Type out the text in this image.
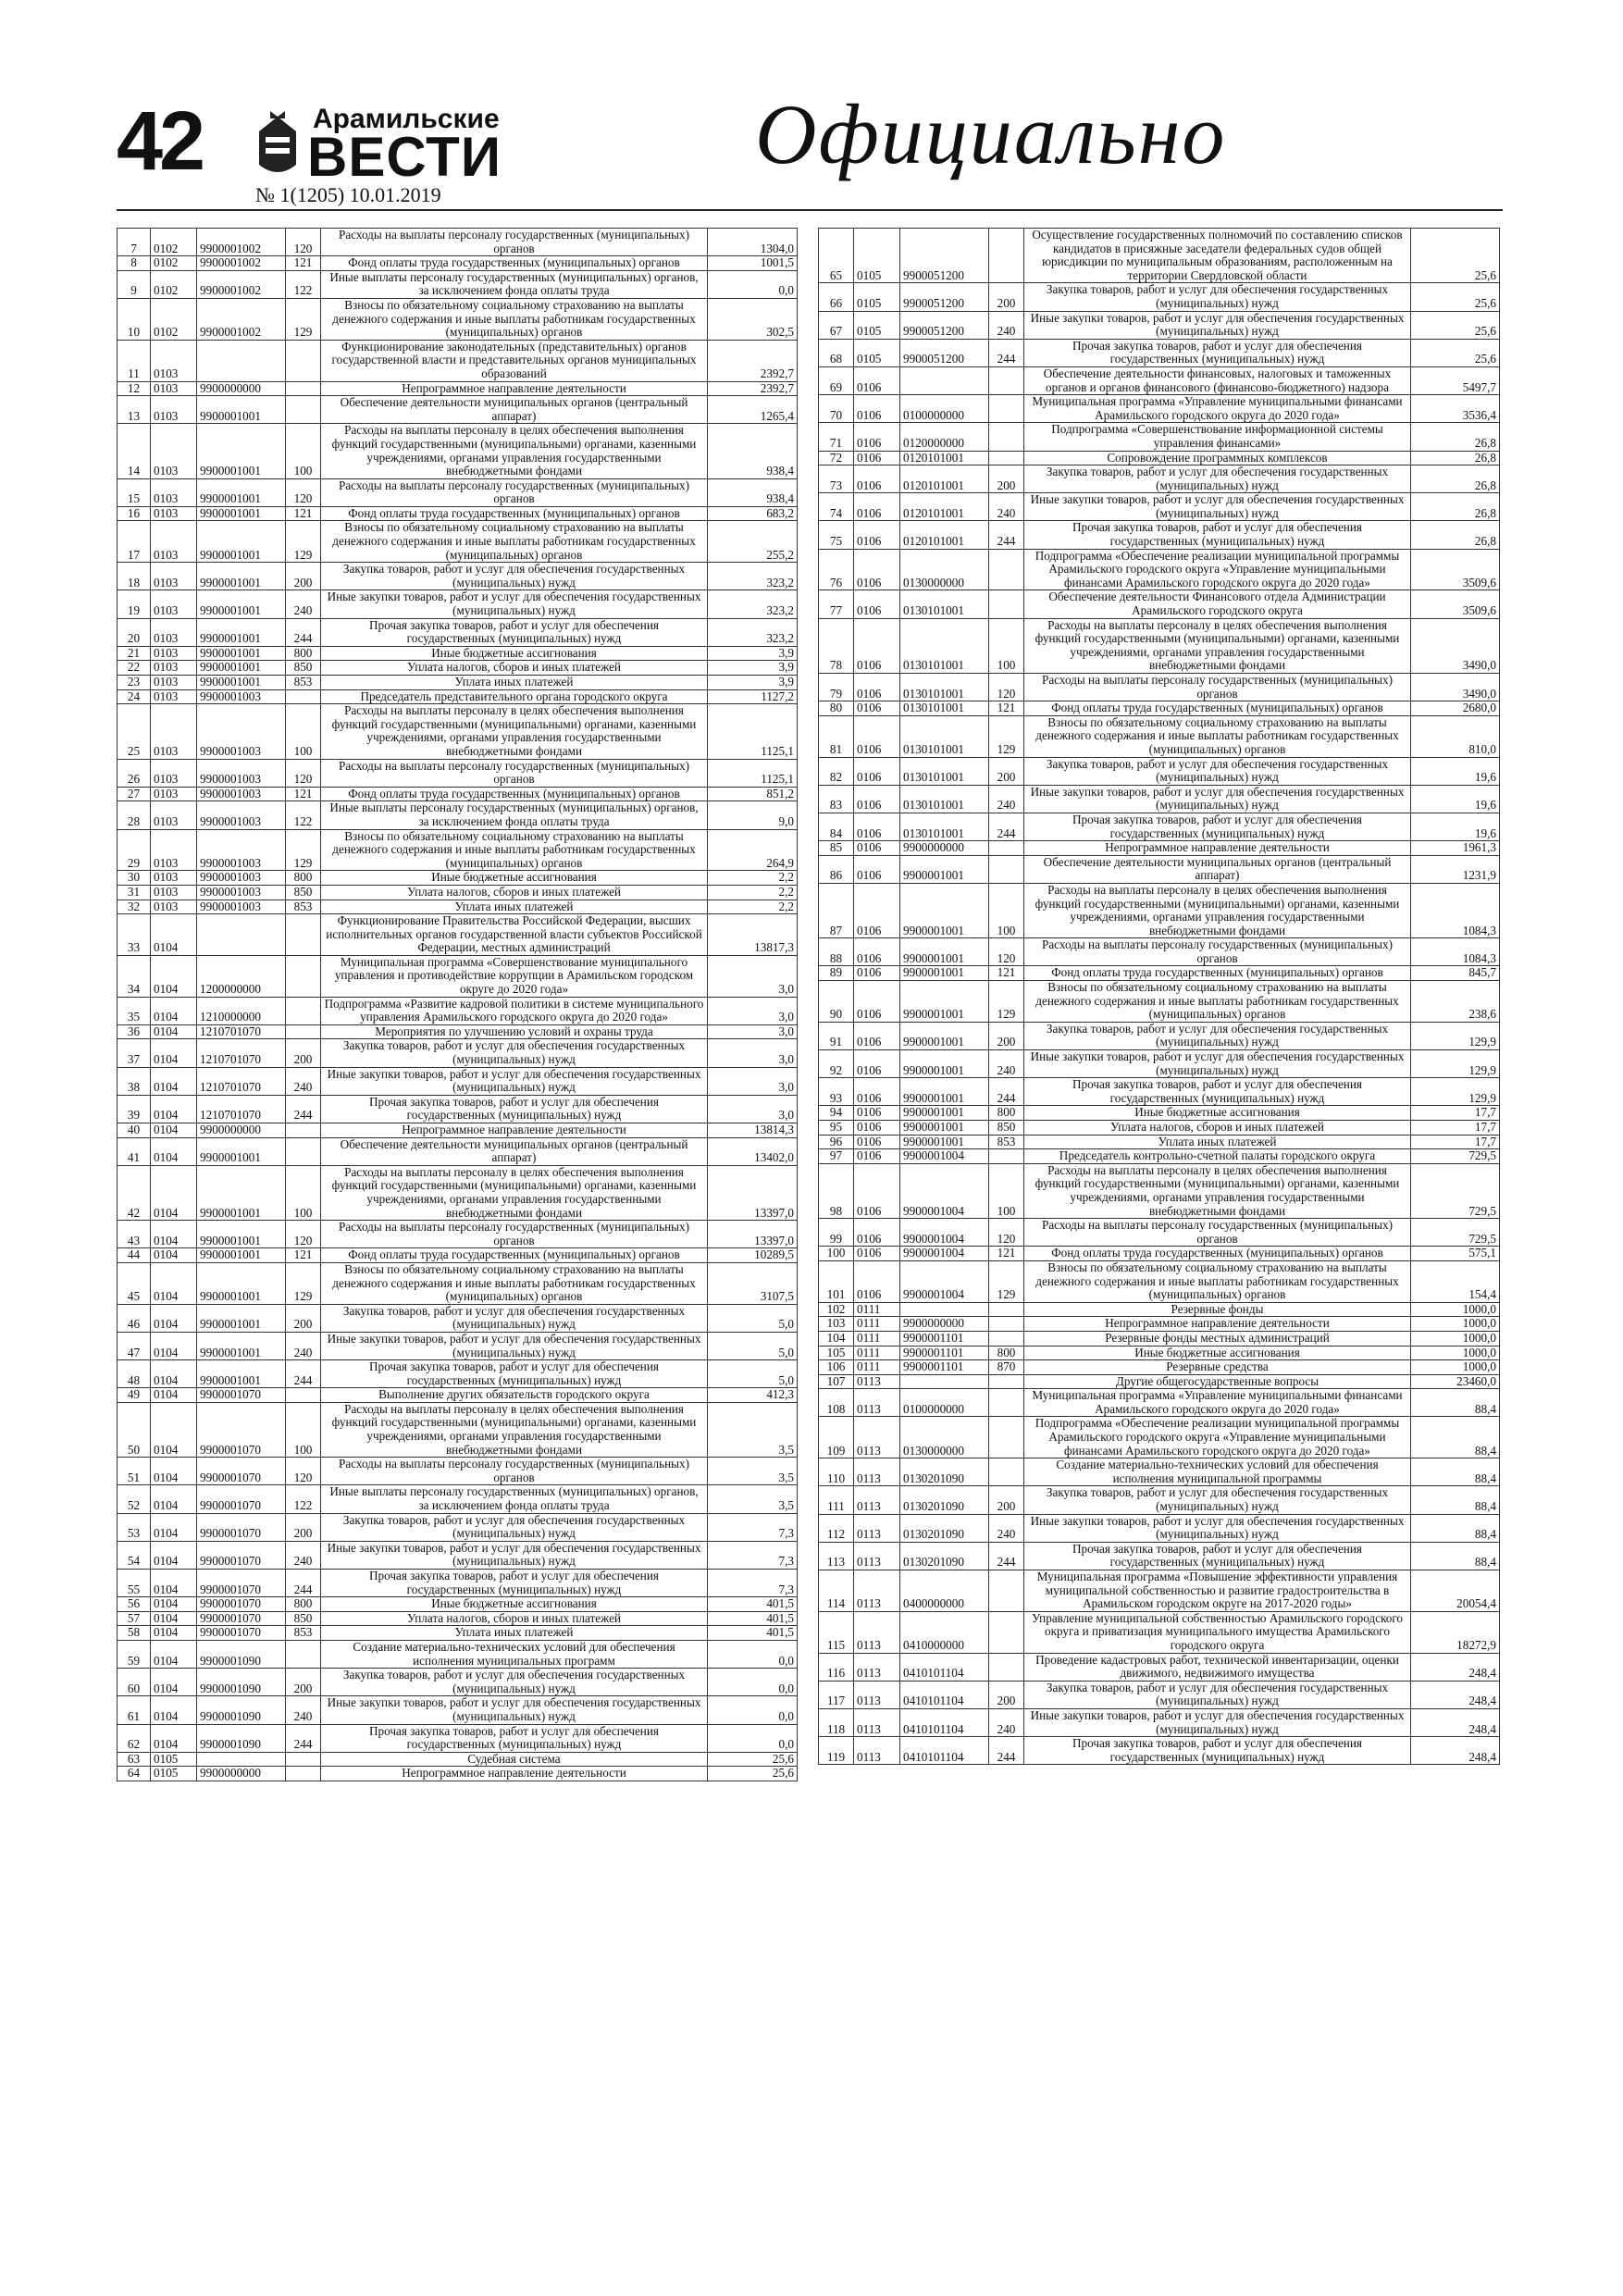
42	Арамильские
ВЕСТИ
№ 1(1205) 10.01.2019
Официально
7	0102	9900001002	120	Расходы на выплаты персоналу государственных (муниципальных) органов	1304,0
8	0102	9900001002	121	Фонд оплаты труда государственных (муниципальных) органов	1001,5
9	0102	9900001002	122	Иные выплаты персоналу государственных (муниципальных) органов, за исключением фонда оплаты труда	0,0
10	0102	9900001002	129	Взносы по обязательному социальному страхованию на выплаты денежного содержания и иные выплаты работникам государственных (муниципальных) органов	302,5
11	0103			Функционирование законодательных (представительных) органов государственной власти и представительных органов муниципальных образований	2392,7
12	0103	9900000000		Непрограммное направление деятельности	2392,7
13	0103	9900001001		Обеспечение деятельности муниципальных органов (центральный аппарат)	1265,4
14	0103	9900001001	100	Расходы на выплаты персоналу в целях обеспечения выполнения функций государственными (муниципальными) органами, казенными учреждениями, органами управления государственными внебюджетными фондами	938,4
15	0103	9900001001	120	Расходы на выплаты персоналу государственных (муниципальных) органов	938,4
16	0103	9900001001	121	Фонд оплаты труда государственных (муниципальных) органов	683,2
17	0103	9900001001	129	Взносы по обязательному социальному страхованию на выплаты денежного содержания и иные выплаты работникам государственных (муниципальных) органов	255,2
18	0103	9900001001	200	Закупка товаров, работ и услуг для обеспечения государственных (муниципальных) нужд	323,2
19	0103	9900001001	240	Иные закупки товаров, работ и услуг для обеспечения государственных (муниципальных) нужд	323,2
20	0103	9900001001	244	Прочая закупка товаров, работ и услуг для обеспечения государственных (муниципальных) нужд	323,2
21	0103	9900001001	800	Иные бюджетные ассигнования	3,9
22	0103	9900001001	850	Уплата налогов, сборов и иных платежей	3,9
23	0103	9900001001	853	Уплата иных платежей	3,9
24	0103	9900001003		Председатель представительного органа городского округа	1127,2
25	0103	9900001003	100	Расходы на выплаты персоналу в целях обеспечения выполнения функций государственными (муниципальными) органами, казенными учреждениями, органами управления государственными внебюджетными фондами	1125,1
26	0103	9900001003	120	Расходы на выплаты персоналу государственных (муниципальных) органов	1125,1
27	0103	9900001003	121	Фонд оплаты труда государственных (муниципальных) органов	851,2
28	0103	9900001003	122	Иные выплаты персоналу государственных (муниципальных) органов, за исключением фонда оплаты труда	9,0
29	0103	9900001003	129	Взносы по обязательному социальному страхованию на выплаты денежного содержания и иные выплаты работникам государственных (муниципальных) органов	264,9
30	0103	9900001003	800	Иные бюджетные ассигнования	2,2
31	0103	9900001003	850	Уплата налогов, сборов и иных платежей	2,2
32	0103	9900001003	853	Уплата иных платежей	2,2
33	0104			Функционирование Правительства Российской Федерации, высших исполнительных органов государственной власти субъектов Российской Федерации, местных администраций	13817,3
34	0104	1200000000		Муниципальная программа «Совершенствование муниципального управления и противодействие коррупции в Арамильском городском округе до 2020 года»	3,0
35	0104	1210000000		Подпрограмма «Развитие кадровой политики в системе муниципального управления Арамильского городского округа до 2020 года»	3,0
36	0104	1210701070		Мероприятия по улучшению условий и охраны труда	3,0
37	0104	1210701070	200	Закупка товаров, работ и услуг для обеспечения государственных (муниципальных) нужд	3,0
38	0104	1210701070	240	Иные закупки товаров, работ и услуг для обеспечения государственных (муниципальных) нужд	3,0
39	0104	1210701070	244	Прочая закупка товаров, работ и услуг для обеспечения государственных (муниципальных) нужд	3,0
40	0104	9900000000		Непрограммное направление деятельности	13814,3
41	0104	9900001001		Обеспечение деятельности муниципальных органов (центральный аппарат)	13402,0
42	0104	9900001001	100	Расходы на выплаты персоналу в целях обеспечения выполнения функций государственными (муниципальными) органами, казенными учреждениями, органами управления государственными внебюджетными фондами	13397,0
43	0104	9900001001	120	Расходы на выплаты персоналу государственных (муниципальных) органов	13397,0
44	0104	9900001001	121	Фонд оплаты труда государственных (муниципальных) органов	10289,5
45	0104	9900001001	129	Взносы по обязательному социальному страхованию на выплаты денежного содержания и иные выплаты работникам государственных (муниципальных) органов	3107,5
46	0104	9900001001	200	Закупка товаров, работ и услуг для обеспечения государственных (муниципальных) нужд	5,0
47	0104	9900001001	240	Иные закупки товаров, работ и услуг для обеспечения государственных (муниципальных) нужд	5,0
48	0104	9900001001	244	Прочая закупка товаров, работ и услуг для обеспечения государственных (муниципальных) нужд	5,0
49	0104	9900001070		Выполнение других обязательств городского округа	412,3
50	0104	9900001070	100	Расходы на выплаты персоналу в целях обеспечения выполнения функций государственными (муниципальными) органами, казенными учреждениями, органами управления государственными внебюджетными фондами	3,5
51	0104	9900001070	120	Расходы на выплаты персоналу государственных (муниципальных) органов	3,5
52	0104	9900001070	122	Иные выплаты персоналу государственных (муниципальных) органов, за исключением фонда оплаты труда	3,5
53	0104	9900001070	200	Закупка товаров, работ и услуг для обеспечения государственных (муниципальных) нужд	7,3
54	0104	9900001070	240	Иные закупки товаров, работ и услуг для обеспечения государственных (муниципальных) нужд	7,3
55	0104	9900001070	244	Прочая закупка товаров, работ и услуг для обеспечения государственных (муниципальных) нужд	7,3
56	0104	9900001070	800	Иные бюджетные ассигнования	401,5
57	0104	9900001070	850	Уплата налогов, сборов и иных платежей	401,5
58	0104	9900001070	853	Уплата иных платежей	401,5
59	0104	9900001090		Создание материально-технических условий для обеспечения исполнения муниципальных программ	0,0
60	0104	9900001090	200	Закупка товаров, работ и услуг для обеспечения государственных (муниципальных) нужд	0,0
61	0104	9900001090	240	Иные закупки товаров, работ и услуг для обеспечения государственных (муниципальных) нужд	0,0
62	0104	9900001090	244	Прочая закупка товаров, работ и услуг для обеспечения государственных (муниципальных) нужд	0,0
63	0105			Судебная система	25,6
64	0105	9900000000		Непрограммное направление деятельности	25,6
65	0105	9900051200		Осуществление государственных полномочий по составлению списков кандидатов в присяжные заседатели федеральных судов общей юрисдикции по муниципальным образованиям, расположенным на территории Свердловской области	25,6
66	0105	9900051200	200	Закупка товаров, работ и услуг для обеспечения государственных (муниципальных) нужд	25,6
67	0105	9900051200	240	Иные закупки товаров, работ и услуг для обеспечения государственных (муниципальных) нужд	25,6
68	0105	9900051200	244	Прочая закупка товаров, работ и услуг для обеспечения государственных (муниципальных) нужд	25,6
69	0106			Обеспечение деятельности финансовых, налоговых и таможенных органов и органов финансового (финансово-бюджетного) надзора	5497,7
70	0106	0100000000		Муниципальная программа «Управление муниципальными финансами Арамильского городского округа до 2020 года»	3536,4
71	0106	0120000000		Подпрограмма «Совершенствование информационной системы управления финансами»	26,8
72	0106	0120101001		Сопровождение программных комплексов	26,8
73	0106	0120101001	200	Закупка товаров, работ и услуг для обеспечения государственных (муниципальных) нужд	26,8
74	0106	0120101001	240	Иные закупки товаров, работ и услуг для обеспечения государственных (муниципальных) нужд	26,8
75	0106	0120101001	244	Прочая закупка товаров, работ и услуг для обеспечения государственных (муниципальных) нужд	26,8
76	0106	0130000000		Подпрограмма «Обеспечение реализации муниципальной программы Арамильского городского округа «Управление муниципальными финансами Арамильского городского округа до 2020 года»	3509,6
77	0106	0130101001		Обеспечение деятельности Финансового отдела Администрации Арамильского городского округа	3509,6
78	0106	0130101001	100	Расходы на выплаты персоналу в целях обеспечения выполнения функций государственными (муниципальными) органами, казенными учреждениями, органами управления государственными внебюджетными фондами	3490,0
79	0106	0130101001	120	Расходы на выплаты персоналу государственных (муниципальных) органов	3490,0
80	0106	0130101001	121	Фонд оплаты труда государственных (муниципальных) органов	2680,0
81	0106	0130101001	129	Взносы по обязательному социальному страхованию на выплаты денежного содержания и иные выплаты работникам государственных (муниципальных) органов	810,0
82	0106	0130101001	200	Закупка товаров, работ и услуг для обеспечения государственных (муниципальных) нужд	19,6
83	0106	0130101001	240	Иные закупки товаров, работ и услуг для обеспечения государственных (муниципальных) нужд	19,6
84	0106	0130101001	244	Прочая закупка товаров, работ и услуг для обеспечения государственных (муниципальных) нужд	19,6
85	0106	9900000000		Непрограммное направление деятельности	1961,3
86	0106	9900001001		Обеспечение деятельности муниципальных органов (центральный аппарат)	1231,9
87	0106	9900001001	100	Расходы на выплаты персоналу в целях обеспечения выполнения функций государственными (муниципальными) органами, казенными учреждениями, органами управления государственными внебюджетными фондами	1084,3
88	0106	9900001001	120	Расходы на выплаты персоналу государственных (муниципальных) органов	1084,3
89	0106	9900001001	121	Фонд оплаты труда государственных (муниципальных) органов	845,7
90	0106	9900001001	129	Взносы по обязательному социальному страхованию на выплаты денежного содержания и иные выплаты работникам государственных (муниципальных) органов	238,6
91	0106	9900001001	200	Закупка товаров, работ и услуг для обеспечения государственных (муниципальных) нужд	129,9
92	0106	9900001001	240	Иные закупки товаров, работ и услуг для обеспечения государственных (муниципальных) нужд	129,9
93	0106	9900001001	244	Прочая закупка товаров, работ и услуг для обеспечения государственных (муниципальных) нужд	129,9
94	0106	9900001001	800	Иные бюджетные ассигнования	17,7
95	0106	9900001001	850	Уплата налогов, сборов и иных платежей	17,7
96	0106	9900001001	853	Уплата иных платежей	17,7
97	0106	9900001004		Председатель контрольно-счетной палаты городского округа	729,5
98	0106	9900001004	100	Расходы на выплаты персоналу в целях обеспечения выполнения функций государственными (муниципальными) органами, казенными учреждениями, органами управления государственными внебюджетными фондами	729,5
99	0106	9900001004	120	Расходы на выплаты персоналу государственных (муниципальных) органов	729,5
100	0106	9900001004	121	Фонд оплаты труда государственных (муниципальных) органов	575,1
101	0106	9900001004	129	Взносы по обязательному социальному страхованию на выплаты денежного содержания и иные выплаты работникам государственных (муниципальных) органов	154,4
102	0111			Резервные фонды	1000,0
103	0111	9900000000		Непрограммное направление деятельности	1000,0
104	0111	9900001101		Резервные фонды местных администраций	1000,0
105	0111	9900001101	800	Иные бюджетные ассигнования	1000,0
106	0111	9900001101	870	Резервные средства	1000,0
107	0113			Другие общегосударственные вопросы	23460,0
108	0113	0100000000		Муниципальная программа «Управление муниципальными финансами Арамильского городского округа до 2020 года»	88,4
109	0113	0130000000		Подпрограмма «Обеспечение реализации муниципальной программы Арамильского городского округа «Управление муниципальными финансами Арамильского городского округа до 2020 года»	88,4
110	0113	0130201090		Создание материально-технических условий для обеспечения исполнения муниципальной программы	88,4
111	0113	0130201090	200	Закупка товаров, работ и услуг для обеспечения государственных (муниципальных) нужд	88,4
112	0113	0130201090	240	Иные закупки товаров, работ и услуг для обеспечения государственных (муниципальных) нужд	88,4
113	0113	0130201090	244	Прочая закупка товаров, работ и услуг для обеспечения государственных (муниципальных) нужд	88,4
114	0113	0400000000		Муниципальная программа «Повышение эффективности управления муниципальной собственностью и развитие градостроительства в Арамильском городском округе на 2017-2020 годы»	20054,4
115	0113	0410000000		Управление муниципальной собственностью Арамильского городского округа и приватизация муниципального имущества Арамильского городского округа	18272,9
116	0113	0410101104		Проведение кадастровых работ, технической инвентаризации, оценки движимого, недвижимого имущества	248,4
117	0113	0410101104	200	Закупка товаров, работ и услуг для обеспечения государственных (муниципальных) нужд	248,4
118	0113	0410101104	240	Иные закупки товаров, работ и услуг для обеспечения государственных (муниципальных) нужд	248,4
119	0113	0410101104	244	Прочая закупка товаров, работ и услуг для обеспечения государственных (муниципальных) нужд	248,4
